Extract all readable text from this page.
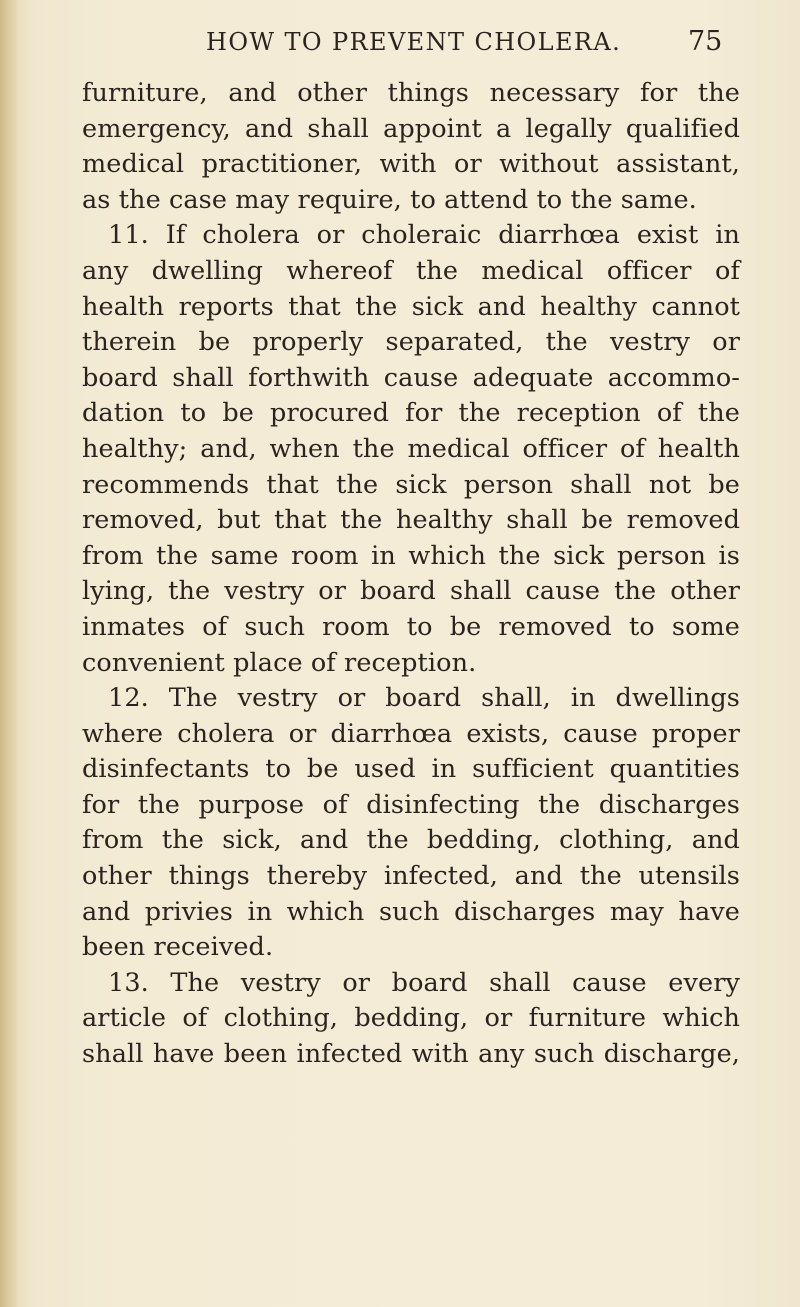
HOW TO PREVENT CHOLERA. 75
furniture, and other things necessary for the
emergency, and shall appoint a legally qualified
medical practitioner, with or without assistant,
as the case may require, to attend to the same.
11. If cholera or choleraic diarrhœa exist in
any dwelling whereof the medical officer of
health reports that the sick and healthy cannot
therein be properly separated, the vestry or
board shall forthwith cause adequate accommo-
dation to be procured for the reception of the
healthy; and, when the medical officer of health
recommends that the sick person shall not be
removed, but that the healthy shall be removed
from the same room in which the sick person is
lying, the vestry or board shall cause the other
inmates of such room to be removed to some
convenient place of reception.
12. The vestry or board shall, in dwellings
where cholera or diarrhœa exists, cause proper
disinfectants to be used in sufficient quantities
for the purpose of disinfecting the discharges
from the sick, and the bedding, clothing, and
other things thereby infected, and the utensils
and privies in which such discharges may have
been received.
13. The vestry or board shall cause every
article of clothing, bedding, or furniture which
shall have been infected with any such discharge,
